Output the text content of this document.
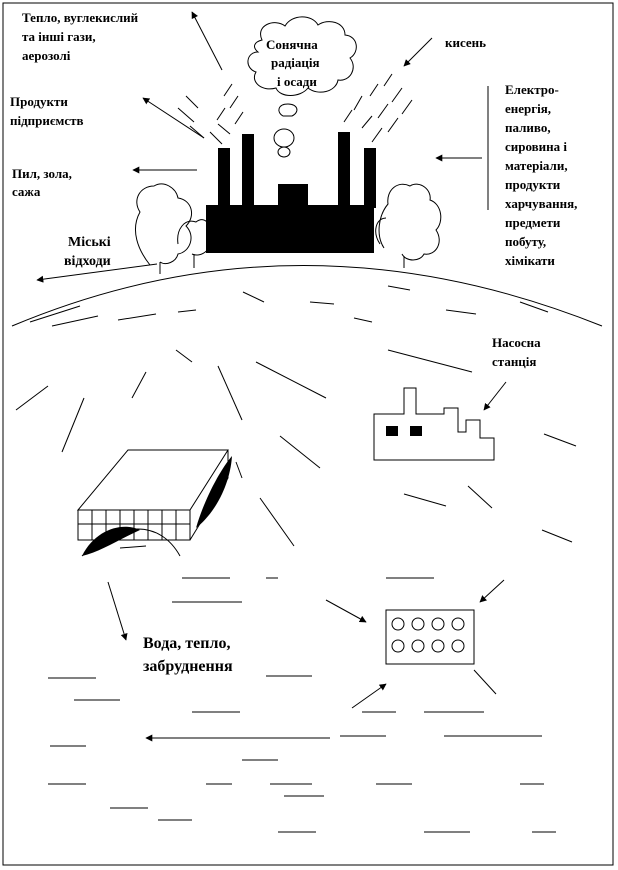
Тепло, вуглекислий та інші гази, аерозолі
Сонячна радіація і осади
кисень
Продукти підприємств
Пил, зола, сажа
Міські відходи
Електро- енергія, паливо, сировина і матеріали, продукти харчування, предмети побуту, хімікати
Насосна станція
Вода, тепло, забруднення
